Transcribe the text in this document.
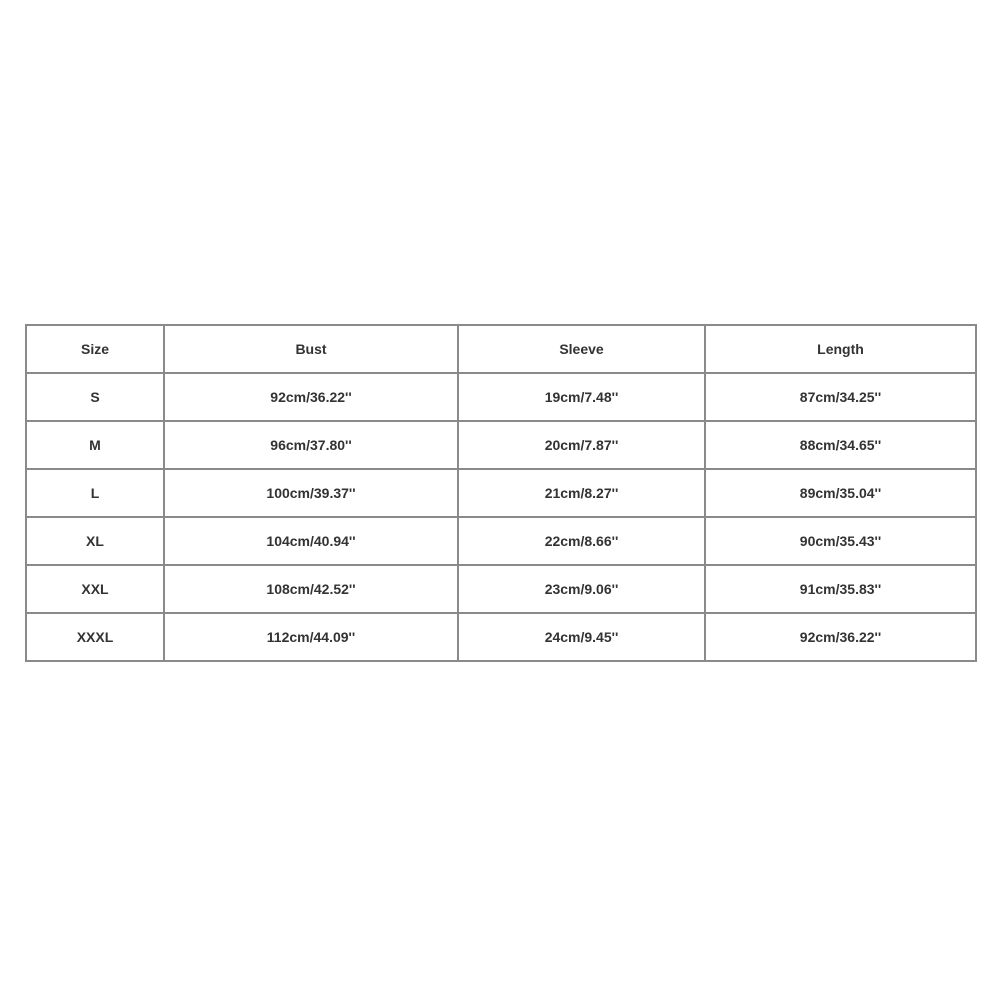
Size	Bust	Sleeve	Length
S	92cm/36.22''	19cm/7.48''	87cm/34.25''
M	96cm/37.80''	20cm/7.87''	88cm/34.65''
L	100cm/39.37''	21cm/8.27''	89cm/35.04''
XL	104cm/40.94''	22cm/8.66''	90cm/35.43''
XXL	108cm/42.52''	23cm/9.06''	91cm/35.83''
XXXL	112cm/44.09''	24cm/9.45''	92cm/36.22''
